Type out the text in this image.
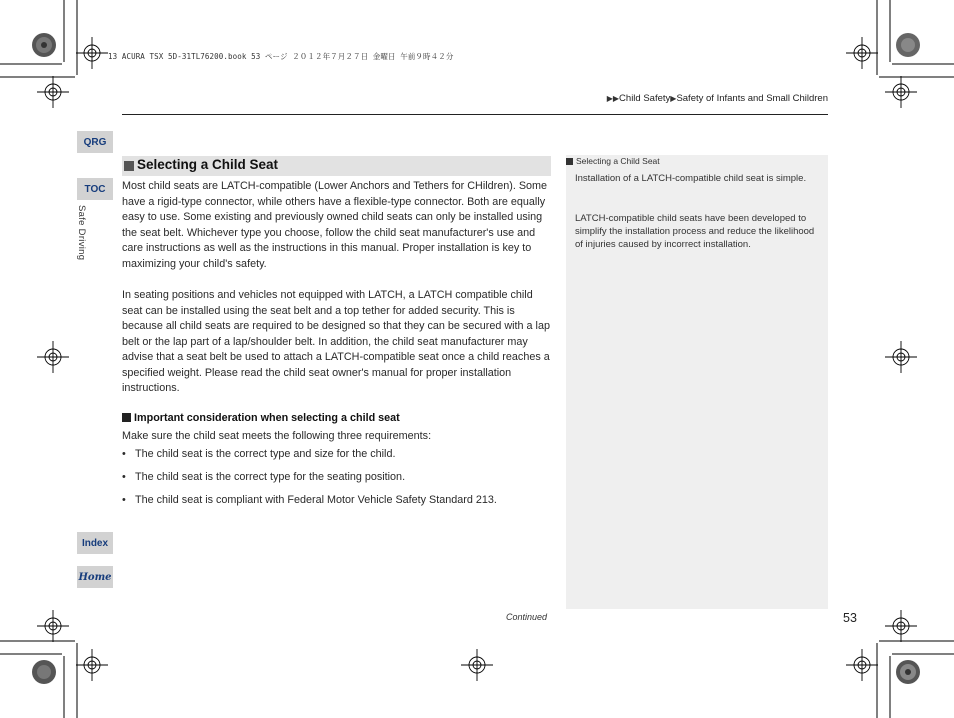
13 ACURA TSX 5D-31TL76200.book 53 ページ ２０１２年７月２７日 金曜日 午前９時４２分
▶▶Child Safety▶Safety of Infants and Small Children
QRG
TOC
Safe Driving
Index
Home
Selecting a Child Seat

Most child seats are LATCH-compatible (Lower Anchors and Tethers for CHildren). Some have a rigid-type connector, while others have a flexible-type connector. Both are equally easy to use. Some existing and previously owned child seats can only be installed using the seat belt. Whichever type you choose, follow the child seat manufacturer's use and care instructions as well as the instructions in this manual. Proper installation is key to maximizing your child's safety.

In seating positions and vehicles not equipped with LATCH, a LATCH compatible child seat can be installed using the seat belt and a top tether for added security. This is because all child seats are required to be designed so that they can be secured with a lap belt or the lap part of a lap/shoulder belt. In addition, the child seat manufacturer may advise that a seat belt be used to attach a LATCH-compatible seat once a child reaches a specified weight. Please read the child seat owner's manual for proper installation instructions.

Important consideration when selecting a child seat
Make sure the child seat meets the following three requirements:
• The child seat is the correct type and size for the child.
• The child seat is the correct type for the seating position.
• The child seat is compliant with Federal Motor Vehicle Safety Standard 213.
Selecting a Child Seat
Installation of a LATCH-compatible child seat is simple.
LATCH-compatible child seats have been developed to simplify the installation process and reduce the likelihood of injuries caused by incorrect installation.
Continued	53
